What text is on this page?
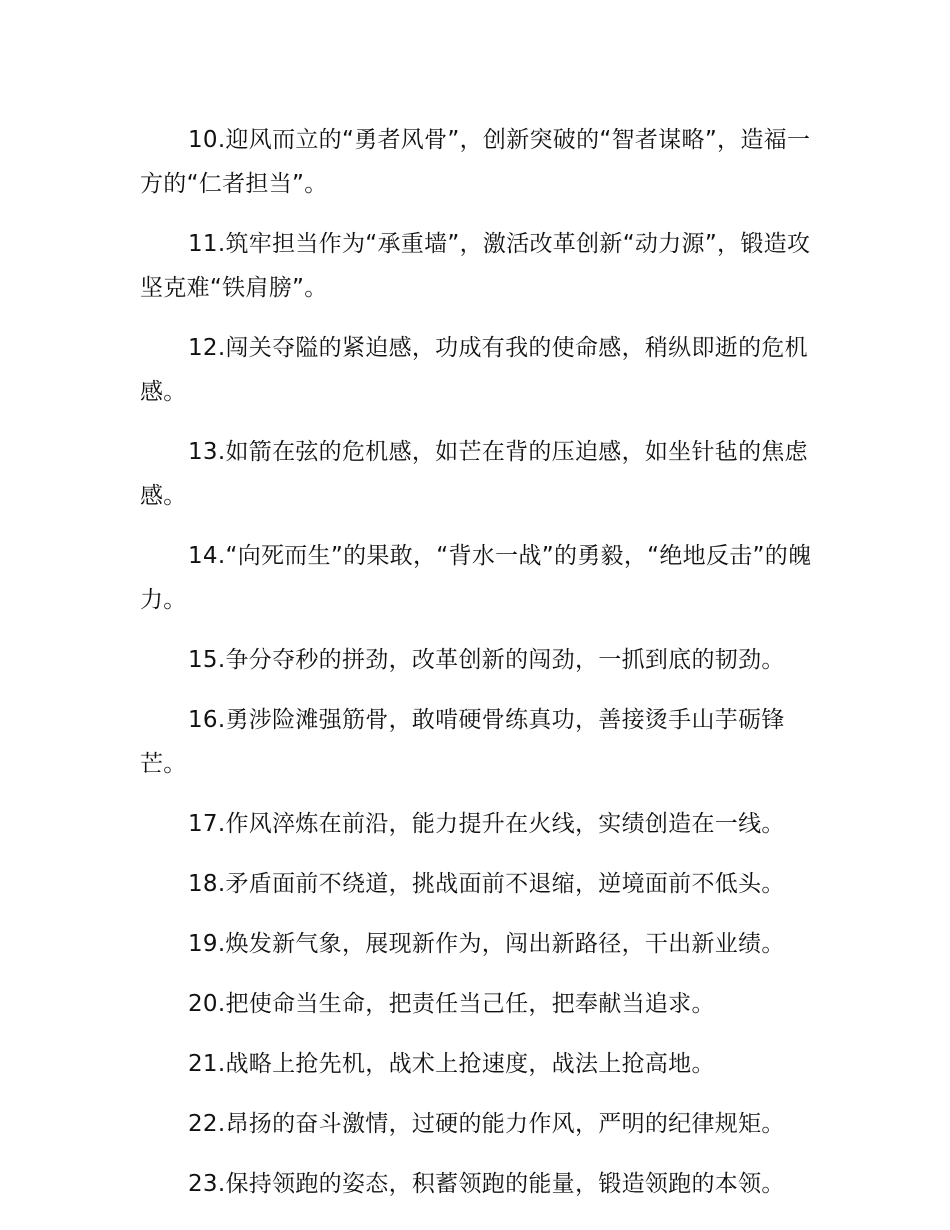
10.迎风而立的“勇者风骨”，创新突破的“智者谋略”，造福一方的“仁者担当”。

11.筑牢担当作为“承重墙”，激活改革创新“动力源”，锻造攻坚克难“铁肩膀”。

12.闯关夺隘的紧迫感，功成有我的使命感，稍纵即逝的危机感。

13.如箭在弦的危机感，如芒在背的压迫感，如坐针毡的焦虑感。

14.“向死而生”的果敢，“背水一战”的勇毅，“绝地反击”的魄力。

15.争分夺秒的拼劲，改革创新的闯劲，一抓到底的韧劲。

16.勇涉险滩强筋骨，敢啃硬骨练真功，善接烫手山芋砺锋芒。

17.作风淬炼在前沿，能力提升在火线，实绩创造在一线。

18.矛盾面前不绕道，挑战面前不退缩，逆境面前不低头。

19.焕发新气象，展现新作为，闯出新路径，干出新业绩。

20.把使命当生命，把责任当己任，把奉献当追求。

21.战略上抢先机，战术上抢速度，战法上抢高地。

22.昂扬的奋斗激情，过硬的能力作风，严明的纪律规矩。

23.保持领跑的姿态，积蓄领跑的能量，锻造领跑的本领。
